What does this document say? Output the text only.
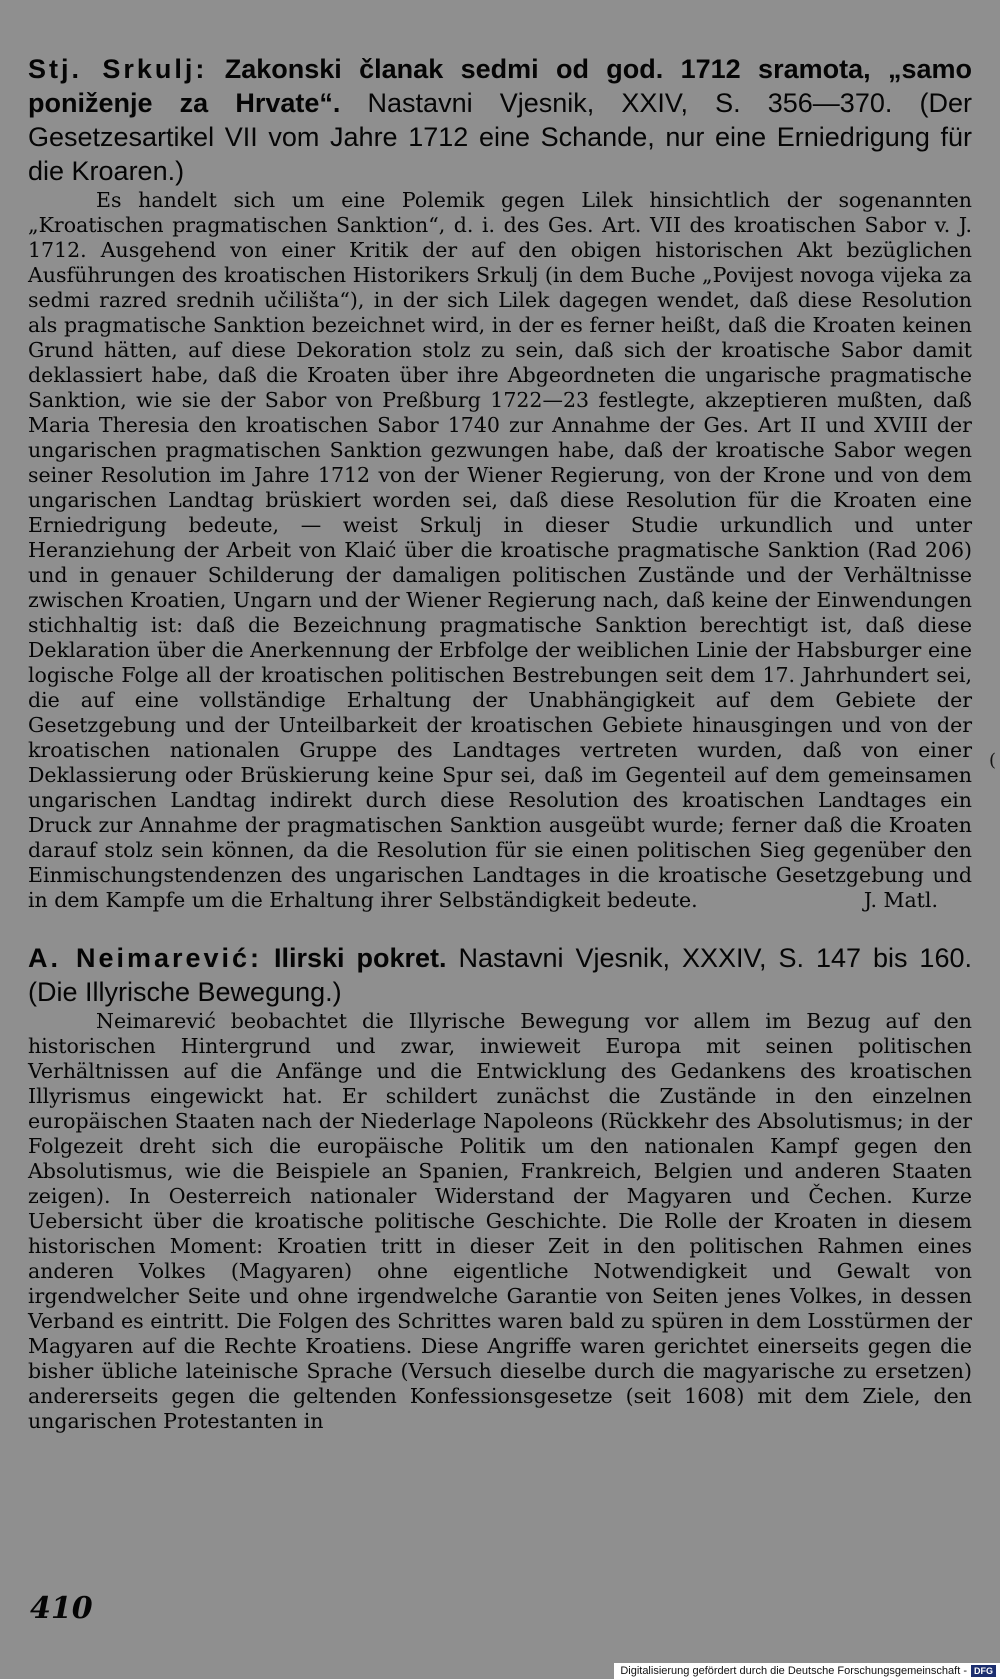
Stj. Srkulj: Zakonski članak sedmi od god. 1712 sramota, „samo poniženje za Hrvate“. Nastavni Vjesnik, XXIV, S. 356—370. (Der Gesetzesartikel VII vom Jahre 1712 eine Schande, nur eine Erniedrigung für die Kroaren.)

Es handelt sich um eine Polemik gegen Lilek hinsichtlich der sogenannten „Kroatischen pragmatischen Sanktion“, d. i. des Ges. Art. VII des kroatischen Sabor v. J. 1712. Ausgehend von einer Kritik der auf den obigen historischen Akt bezüglichen Ausführungen des kroatischen Historikers Srkulj (in dem Buche „Povijest novoga vijeka za sedmi razred srednih učilišta“), in der sich Lilek dagegen wendet, daß diese Resolution als pragmatische Sanktion bezeichnet wird, in der es ferner heißt, daß die Kroaten keinen Grund hätten, auf diese Dekoration stolz zu sein, daß sich der kroatische Sabor damit deklassiert habe, daß die Kroaten über ihre Abgeordneten die ungarische pragmatische Sanktion, wie sie der Sabor von Preßburg 1722—23 festlegte, akzeptieren mußten, daß Maria Theresia den kroatischen Sabor 1740 zur Annahme der Ges. Art II und XVIII der ungarischen pragmatischen Sanktion gezwungen habe, daß der kroatische Sabor wegen seiner Resolution im Jahre 1712 von der Wiener Regierung, von der Krone und von dem ungarischen Landtag brüskiert worden sei, daß diese Resolution für die Kroaten eine Erniedrigung bedeute, — weist Srkulj in dieser Studie urkundlich und unter Heranziehung der Arbeit von Klaić über die kroatische pragmatische Sanktion (Rad 206) und in genauer Schilderung der damaligen politischen Zustände und der Verhältnisse zwischen Kroatien, Ungarn und der Wiener Regierung nach, daß keine der Einwendungen stichhaltig ist: daß die Bezeichnung pragmatische Sanktion berechtigt ist, daß diese Deklaration über die Anerkennung der Erbfolge der weiblichen Linie der Habsburger eine logische Folge all der kroatischen politischen Bestrebungen seit dem 17. Jahrhundert sei, die auf eine vollständige Erhaltung der Unabhängigkeit auf dem Gebiete der Gesetzgebung und der Unteilbarkeit der kroatischen Gebiete hinausgingen und von der kroatischen nationalen Gruppe des Landtages vertreten wurden, daß von einer Deklassierung oder Brüskierung keine Spur sei, daß im Gegenteil auf dem gemeinsamen ungarischen Landtag indirekt durch diese Resolution des kroatischen Landtages ein Druck zur Annahme der pragmatischen Sanktion ausgeübt wurde; ferner daß die Kroaten darauf stolz sein können, da die Resolution für sie einen politischen Sieg gegenüber den Einmischungstendenzen des ungarischen Landtages in die kroatische Gesetzgebung und in dem Kampfe um die Erhaltung ihrer Selbständigkeit bedeute.	J. Matl.

A. Neimarević: Ilirski pokret. Nastavni Vjesnik, XXXIV, S. 147 bis 160. (Die Illyrische Bewegung.)

Neimarević beobachtet die Illyrische Bewegung vor allem im Bezug auf den historischen Hintergrund und zwar, inwieweit Europa mit seinen politischen Verhältnissen auf die Anfänge und die Entwicklung des Gedankens des kroatischen Illyrismus eingewickt hat. Er schildert zunächst die Zustände in den einzelnen europäischen Staaten nach der Niederlage Napoleons (Rückkehr des Absolutismus; in der Folgezeit dreht sich die europäische Politik um den nationalen Kampf gegen den Absolutismus, wie die Beispiele an Spanien, Frankreich, Belgien und anderen Staaten zeigen). In Oesterreich nationaler Widerstand der Magyaren und Čechen. Kurze Uebersicht über die kroatische politische Geschichte. Die Rolle der Kroaten in diesem historischen Moment: Kroatien tritt in dieser Zeit in den politischen Rahmen eines anderen Volkes (Magyaren) ohne eigentliche Notwendigkeit und Gewalt von irgendwelcher Seite und ohne irgendwelche Garantie von Seiten jenes Volkes, in dessen Verband es eintritt. Die Folgen des Schrittes waren bald zu spüren in dem Losstürmen der Magyaren auf die Rechte Kroatiens. Diese Angriffe waren gerichtet einerseits gegen die bisher übliche lateinische Sprache (Versuch dieselbe durch die magyarische zu ersetzen) andererseits gegen die geltenden Konfessionsgesetze (seit 1608) mit dem Ziele, den ungarischen Protestanten in

(
410
Digitalisierung gefördert durch die Deutsche Forschungsgemeinschaft - DFG
